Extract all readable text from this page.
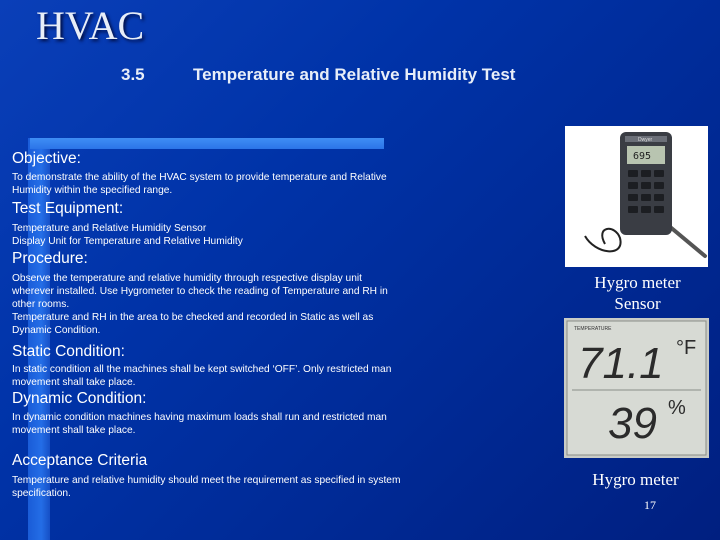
HVAC
3.5	Temperature and Relative Humidity Test
Objective:
To demonstrate the ability of the HVAC system to provide temperature and Relative
Humidity within the specified range.
Test Equipment:
Temperature and Relative Humidity Sensor
Display Unit for Temperature and Relative Humidity
Procedure:
Observe the temperature and relative humidity through respective display unit
wherever installed. Use Hygrometer to check the reading of Temperature and RH in
other rooms.
Temperature and RH in the area to be checked and recorded in Static as well as
Dynamic Condition.
Static Condition:
In static condition all the machines shall be kept switched ‘OFF’. Only restricted man
movement shall take place.
Dynamic Condition:
In dynamic condition machines having maximum loads shall run and restricted man
movement shall take place.
Acceptance Criteria
Temperature and relative humidity should meet the requirement as specified in system
specification.
Dwyer
695
Hygro meter
Sensor
TEMPERATURE
71.1 °F
39 %
Hygro meter
17
